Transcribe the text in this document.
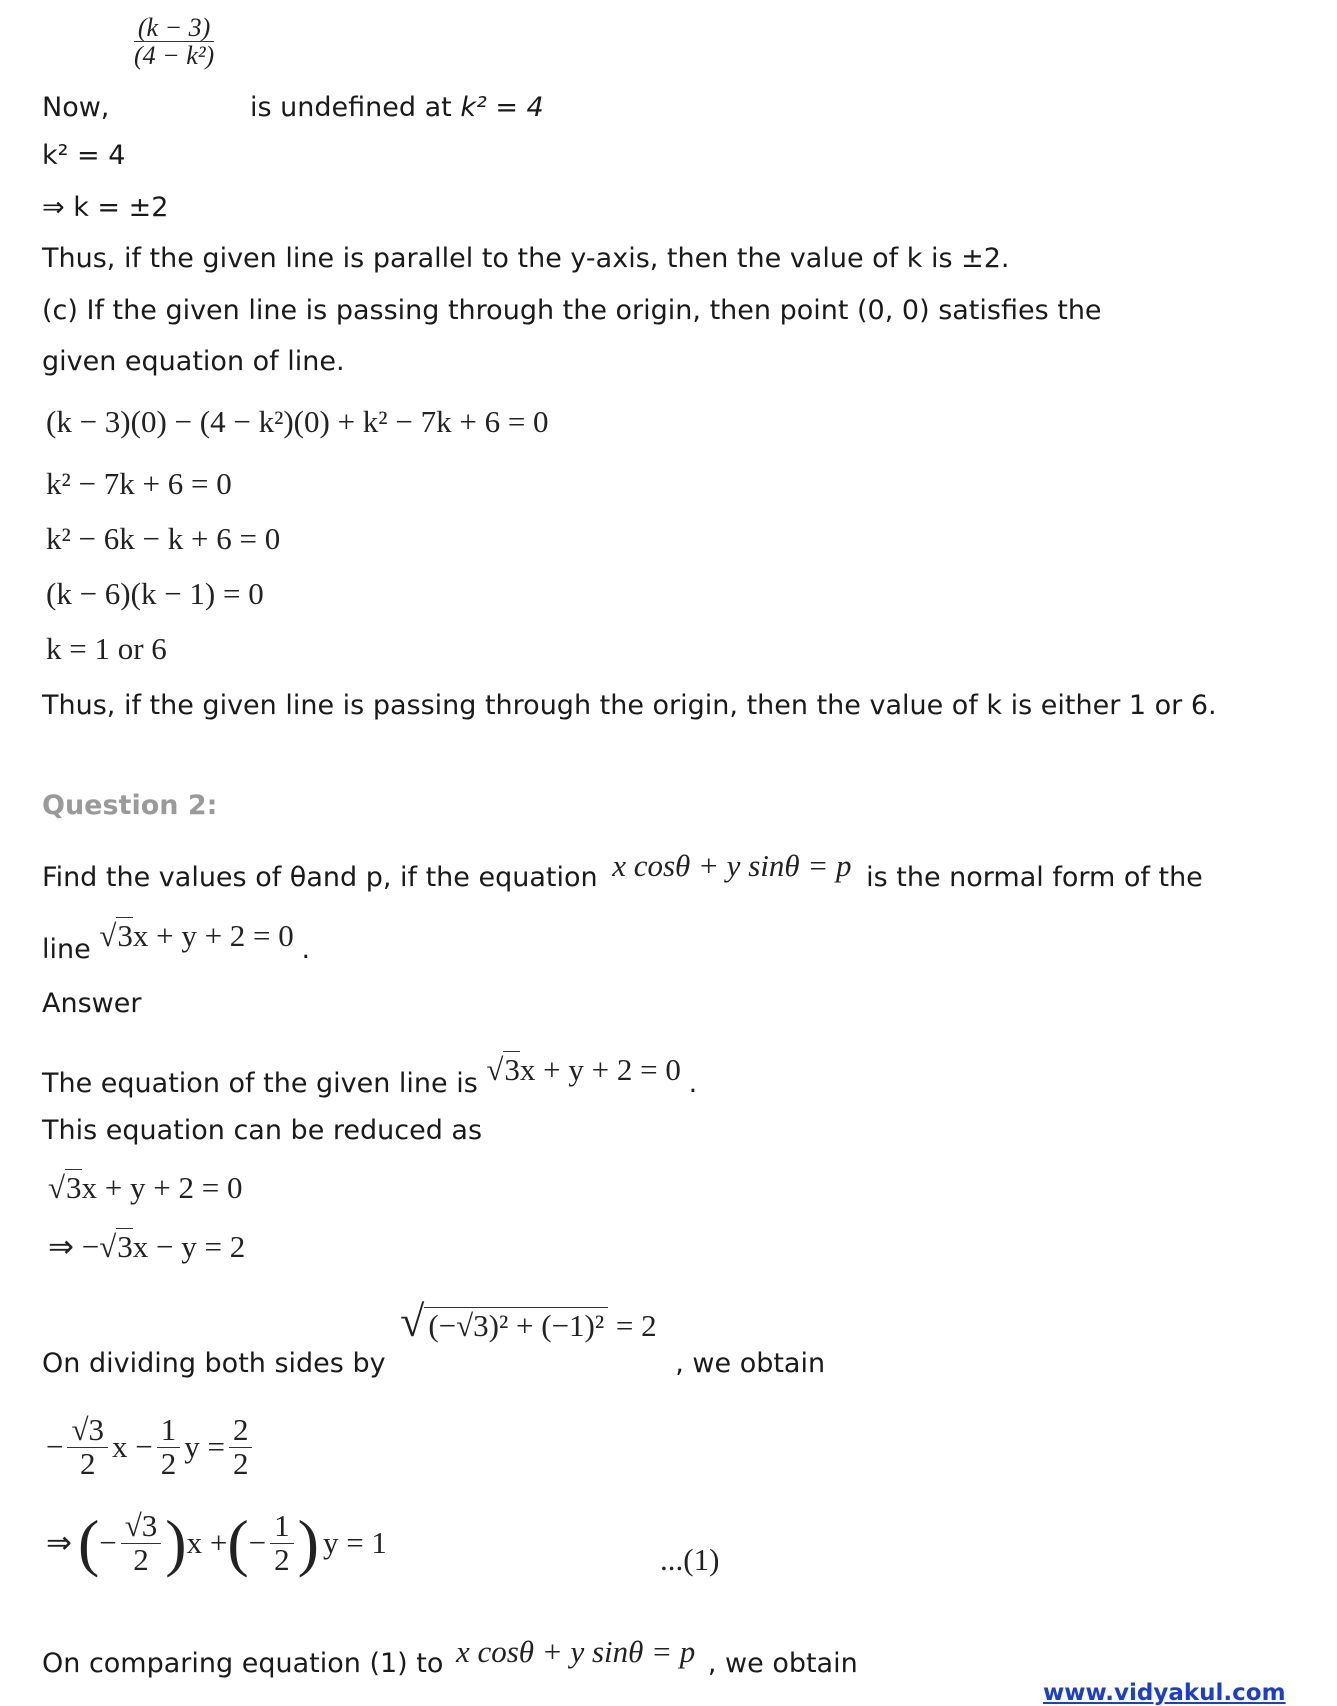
Now,
$\frac{(k - 3)}{\text{(4 − k²)}}$
is undefined at k² = 4
k² = 4
⇒ k = ±2
Thus, if the given line is parallel to the y-axis, then the value of k is ±2.
(c) If the given line is passing through the origin, then point (0, 0) satisfies the
given equation of line.
(k − 3)(0) − (4 − k²)(0) + k² − 7k + 6 = 0
k² − 7k + 6 = 0
k² − 6k − k + 6 = 0
(k − 6)(k − 1) = 0
k = 1 or 6
Thus, if the given line is passing through the origin, then the value of k is either 1 or 6.
Question 2:
Find the values of θand p, if the equation x cosθ + y sinθ = p is the normal form of the
line √3x + y + 2 = 0 .
Answer
The equation of the given line is √3x + y + 2 = 0 .
This equation can be reduced as
√3x + y + 2 = 0
⇒ −√3x − y = 2
On dividing both sides by √ (−√3)² + (−1)² = 2 , we obtain
− $\frac{√3}{2}$ $x - \frac{1}{2}$ $y = \frac{2}{2}$
⇒ ( − $\frac{√3}{2}$ ) x + ( − $\frac{1}{2}$ ) y = 1	...(1)
On comparing equation (1) to x cosθ + y sinθ = p , we obtain
www.vidyakul.com
